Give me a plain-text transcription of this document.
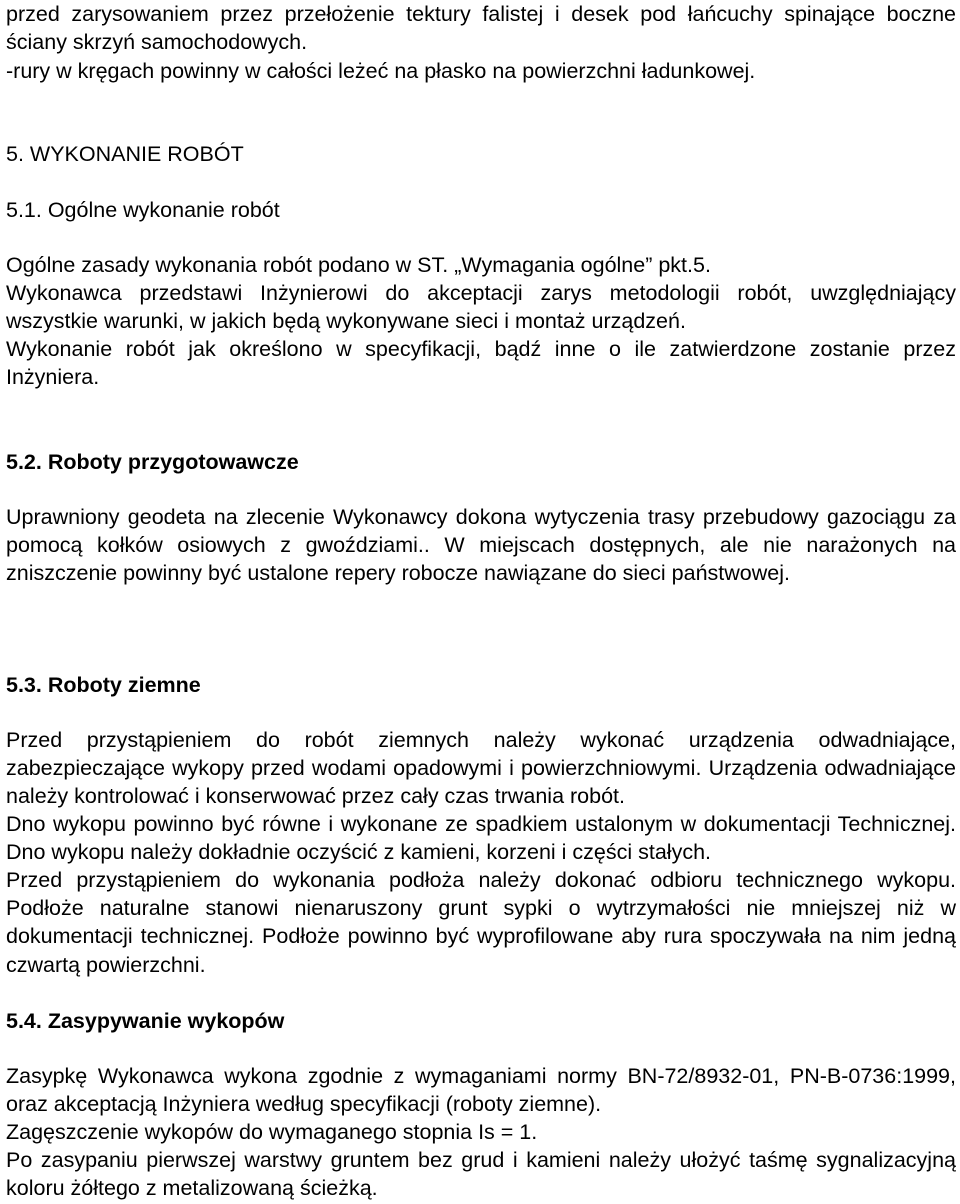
przed zarysowaniem przez przełożenie tektury falistej i desek pod łańcuchy spinające boczne ściany skrzyń samochodowych.

-rury w kręgach powinny w całości leżeć na płasko na powierzchni ładunkowej.

5. WYKONANIE ROBÓT
5.1. Ogólne wykonanie robót

Ogólne zasady wykonania robót podano w ST. „Wymagania ogólne” pkt.5.

Wykonawca przedstawi Inżynierowi do akceptacji zarys metodologii robót, uwzględniający wszystkie warunki, w jakich będą wykonywane sieci i montaż urządzeń.

Wykonanie robót jak określono w specyfikacji, bądź inne o ile zatwierdzone zostanie przez Inżyniera.

5.2. Roboty przygotowawcze

Uprawniony geodeta na zlecenie Wykonawcy dokona wytyczenia trasy przebudowy gazociągu za pomocą kołków osiowych z gwoździami.. W miejscach dostępnych, ale nie narażonych na zniszczenie powinny być ustalone repery robocze nawiązane do sieci państwowej.

5.3. Roboty ziemne

Przed przystąpieniem do robót ziemnych należy wykonać urządzenia odwadniające, zabezpieczające wykopy przed wodami opadowymi i powierzchniowymi. Urządzenia odwadniające należy kontrolować i konserwować przez cały czas trwania robót.

Dno wykopu powinno być równe i wykonane ze spadkiem ustalonym w dokumentacji Technicznej. Dno wykopu należy dokładnie oczyścić z kamieni, korzeni i części stałych.

Przed przystąpieniem do wykonania podłoża należy dokonać odbioru technicznego wykopu. Podłoże naturalne stanowi nienaruszony grunt sypki o wytrzymałości nie mniejszej niż w dokumentacji technicznej. Podłoże powinno być wyprofilowane aby rura spoczywała na nim jedną czwartą powierzchni.

5.4. Zasypywanie wykopów

Zasypkę Wykonawca wykona zgodnie z wymaganiami normy BN-72/8932-01, PN-B-0736:1999, oraz akceptacją Inżyniera według specyfikacji (roboty ziemne).

Zagęszczenie wykopów do wymaganego stopnia Is = 1.

Po zasypaniu pierwszej warstwy gruntem bez grud i kamieni należy ułożyć taśmę sygnalizacyjną koloru żółtego z metalizowaną ścieżką.
